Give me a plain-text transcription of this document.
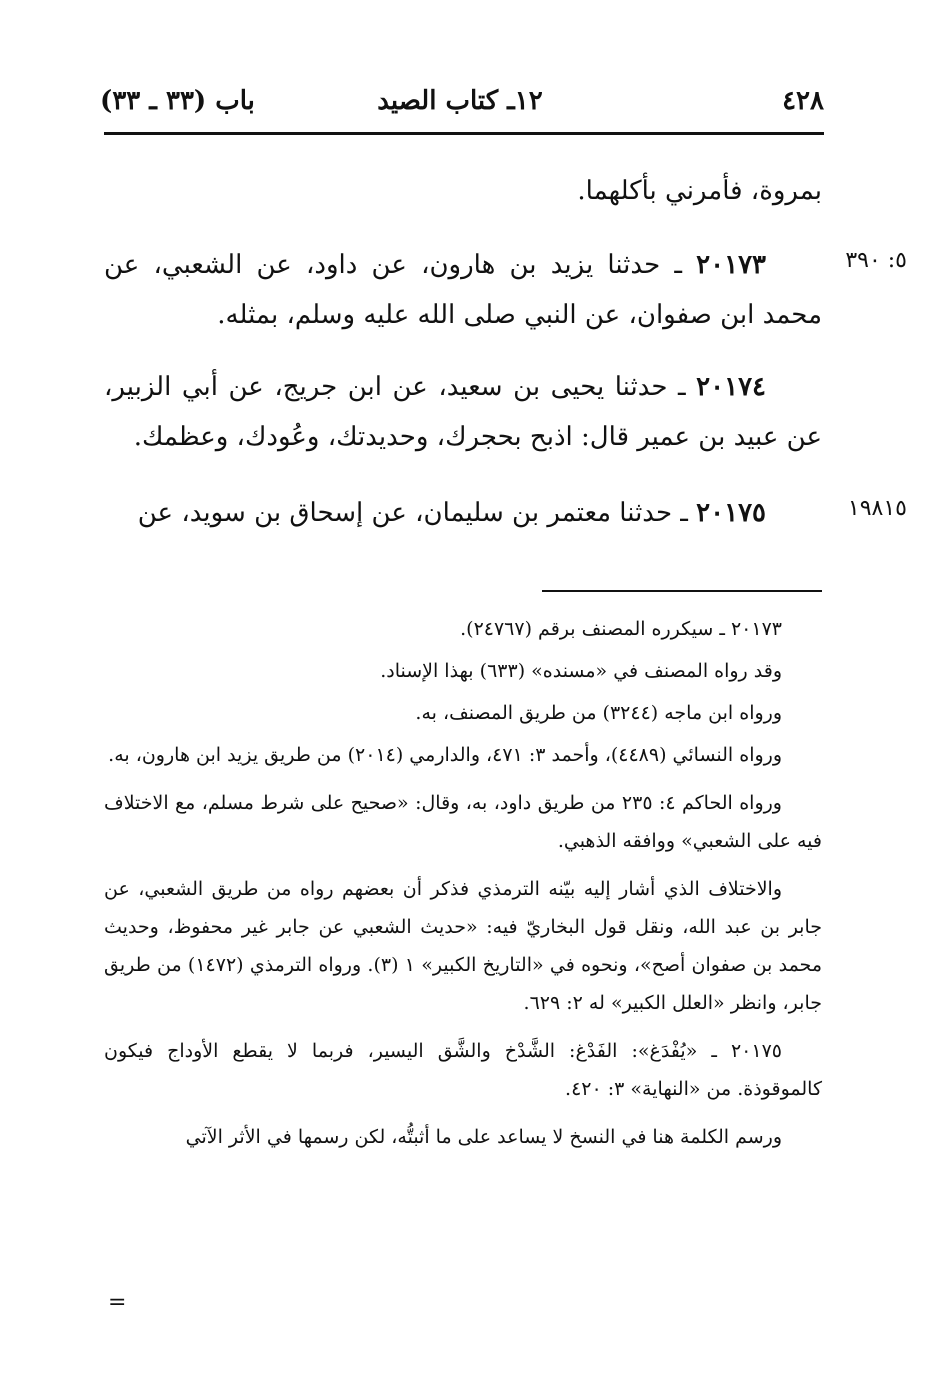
٤٢٨
١٢ـ كتاب الصيد
باب (٣٣ ـ ٣٣)

بمروة، فأمرني بأكلهما.

٥: ٣٩٠

٢٠١٧٣ ـ حدثنا يزيد بن هارون، عن داود، عن الشعبي، عن محمد ابن صفوان، عن النبي صلى الله عليه وسلم، بمثله.

٢٠١٧٤ ـ حدثنا يحيى بن سعيد، عن ابن جريج، عن أبي الزبير، عن عبيد بن عمير قال: اذبح بحجرك، وحديدتك، وعُودك، وعظمك.

١٩٨١٥

٢٠١٧٥ ـ حدثنا معتمر بن سليمان، عن إسحاق بن سويد، عن

٢٠١٧٣ ـ سيكرره المصنف برقم (٢٤٧٦٧).

وقد رواه المصنف في «مسنده» (٦٣٣) بهذا الإسناد.

ورواه ابن ماجه (٣٢٤٤) من طريق المصنف، به.

ورواه النسائي (٤٤٨٩)، وأحمد ٣: ٤٧١، والدارمي (٢٠١٤) من طريق يزيد ابن هارون، به.

ورواه الحاكم ٤: ٢٣٥ من طريق داود، به، وقال: «صحيح على شرط مسلم، مع الاختلاف فيه على الشعبي» ووافقه الذهبي.

والاختلاف الذي أشار إليه بيّنه الترمذي فذكر أن بعضهم رواه من طريق الشعبي، عن جابر بن عبد الله، ونقل قول البخاريّ فيه: «حديث الشعبي عن جابر غير محفوظ، وحديث محمد بن صفوان أصح»، ونحوه في «التاريخ الكبير» ١ (٣). ورواه الترمذي (١٤٧٢) من طريق جابر، وانظر «العلل الكبير» له ٢: ٦٢٩.

٢٠١٧٥ ـ «يُفْدَغ»: الفَدْغ: الشَّدْخ والشَّق اليسير، فربما لا يقطع الأوداج فيكون كالموقوذة. من «النهاية» ٣: ٤٢٠.

ورسم الكلمة هنا في النسخ لا يساعد على ما أثبتُّه، لكن رسمها في الأثر الآتي

=
